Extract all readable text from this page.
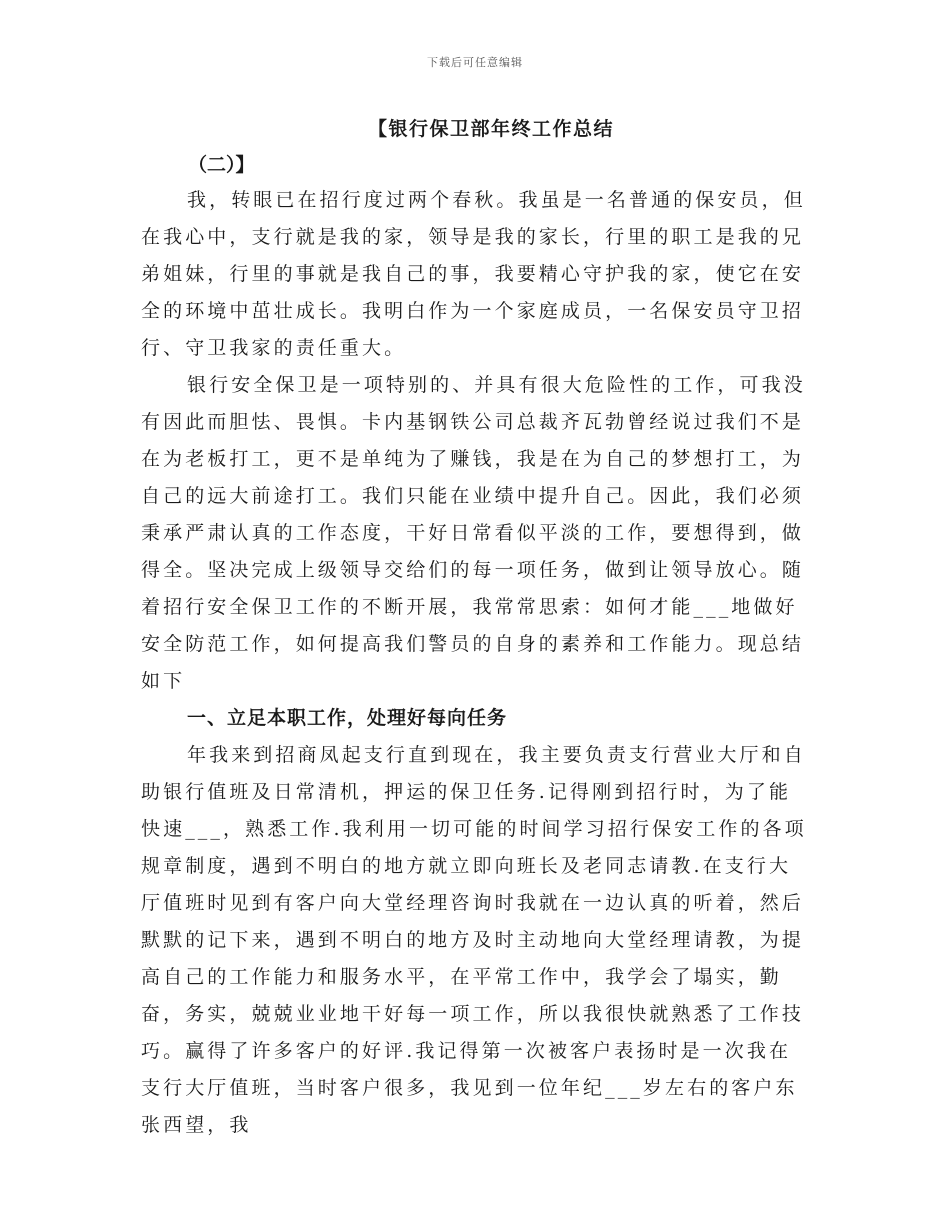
下载后可任意编辑
【银行保卫部年终工作总结
（二）】

我，转眼已在招行度过两个春秋。我虽是一名普通的保安员，但在我心中，支行就是我的家，领导是我的家长，行里的职工是我的兄弟姐妹，行里的事就是我自己的事，我要精心守护我的家，使它在安全的环境中茁壮成长。我明白作为一个家庭成员，一名保安员守卫招行、守卫我家的责任重大。

银行安全保卫是一项特别的、并具有很大危险性的工作，可我没有因此而胆怯、畏惧。卡内基钢铁公司总裁齐瓦勃曾经说过我们不是在为老板打工，更不是单纯为了赚钱，我是在为自己的梦想打工，为自己的远大前途打工。我们只能在业绩中提升自己。因此，我们必须秉承严肃认真的工作态度，干好日常看似平淡的工作，要想得到，做得全。坚决完成上级领导交给们的每一项任务，做到让领导放心。随着招行安全保卫工作的不断开展，我常常思索：如何才能___地做好安全防范工作，如何提高我们警员的自身的素养和工作能力。现总结如下

一、立足本职工作，处理好每向任务

年我来到招商凤起支行直到现在，我主要负责支行营业大厅和自助银行值班及日常清机，押运的保卫任务.记得刚到招行时，为了能快速___，熟悉工作.我利用一切可能的时间学习招行保安工作的各项规章制度，遇到不明白的地方就立即向班长及老同志请教.在支行大厅值班时见到有客户向大堂经理咨询时我就在一边认真的听着，然后默默的记下来，遇到不明白的地方及时主动地向大堂经理请教，为提高自己的工作能力和服务水平，在平常工作中，我学会了塌实，勤奋，务实，兢兢业业地干好每一项工作，所以我很快就熟悉了工作技巧。赢得了许多客户的好评.我记得第一次被客户表扬时是一次我在支行大厅值班，当时客户很多，我见到一位年纪___岁左右的客户东张西望，我
